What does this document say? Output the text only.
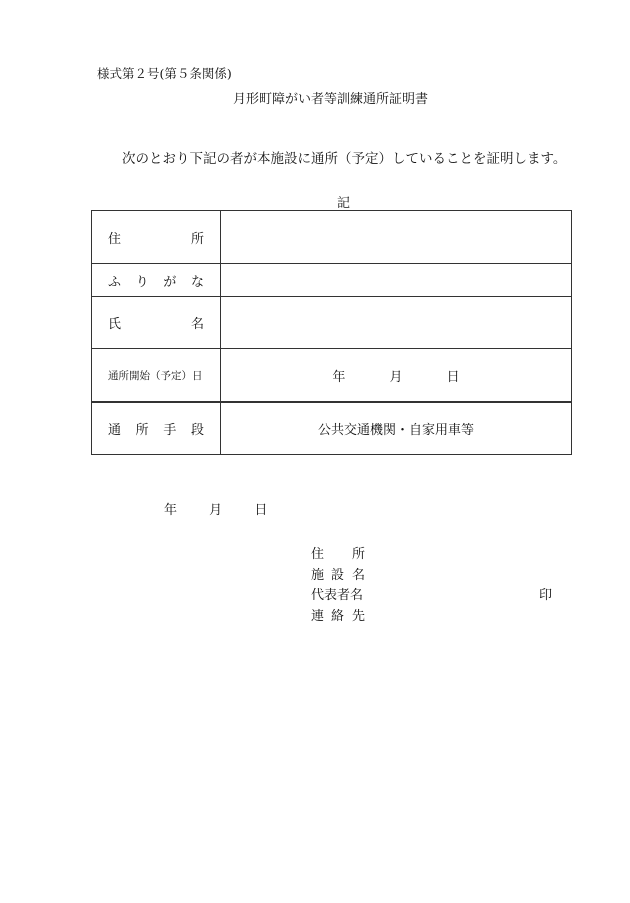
様式第２号(第５条関係)
月形町障がい者等訓練通所証明書
次のとおり下記の者が本施設に通所（予定）していることを証明します。
記
住 所	

ふ り が な	

氏 名	

通所開始（予定）日	年 月 日

通 所 手 段	公共交通機関・自家用車等
年 月 日
住 所
施 設 名
代表者名	印
連 絡 先
